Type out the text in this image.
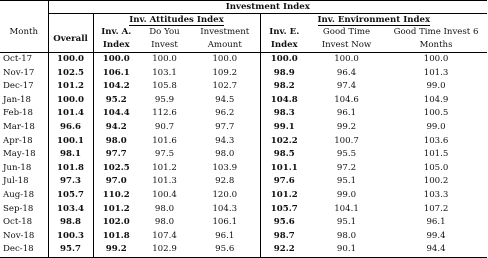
	Investment Index						
Month		Inv. Attitudes Index			Inv. Environment Index		
	Overall	Inv. A.	Do You	Investment	Inv. E.	Good Time	Good Time Invest 6
		Index	Invest	Amount	Index	Invest Now	Months
Oct-17	100.0	100.0	100.0	100.0	100.0	100.0	100.0
Nov-17	102.5	106.1	103.1	109.2	98.9	96.4	101.3
Dec-17	101.2	104.2	105.8	102.7	98.2	97.4	99.0
Jan-18	100.0	95.2	95.9	94.5	104.8	104.6	104.9
Feb-18	101.4	104.4	112.6	96.2	98.3	96.1	100.5
Mar-18	96.6	94.2	90.7	97.7	99.1	99.2	99.0
Apr-18	100.1	98.0	101.6	94.3	102.2	100.7	103.6
May-18	98.1	97.7	97.5	98.0	98.5	95.5	101.5
Jun-18	101.8	102.5	101.2	103.9	101.1	97.2	105.0
Jul-18	97.3	97.0	101.3	92.8	97.6	95.1	100.2
Aug-18	105.7	110.2	100.4	120.0	101.2	99.0	103.3
Sep-18	103.4	101.2	98.0	104.3	105.7	104.1	107.2
Oct-18	98.8	102.0	98.0	106.1	95.6	95.1	96.1
Nov-18	100.3	101.8	107.4	96.1	98.7	98.0	99.4
Dec-18	95.7	99.2	102.9	95.6	92.2	90.1	94.4
